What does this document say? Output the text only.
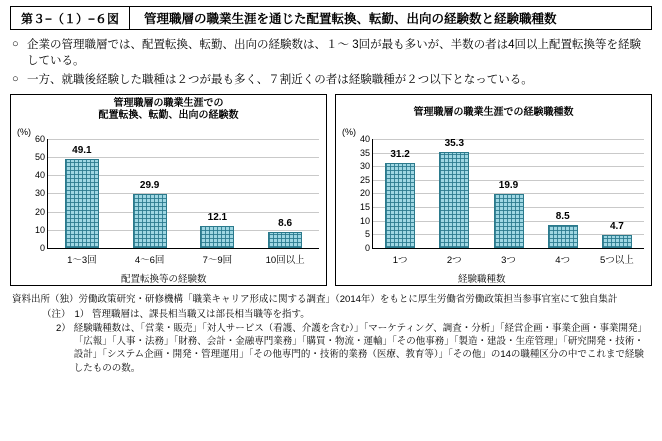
第３−（１）−６図	管理職層の職業生涯を通じた配置転換、転勤、出向の経験数と経験職種数
○ 企業の管理職層では、配置転換、転勤、出向の経験数は、１～ 3回が最も多いが、半数の者は4回以上配置転換等を経験している。
○ 一方、就職後経験した職種は２つが最も多く、７割近くの者は経験職種が２つ以下となっている。
管理職層の職業生涯での
配置転換、転勤、出向の経験数
(%)
0
10
20
30
40
50
60
49.1
1～3回
29.9
4～6回
12.1
7～9回
8.6
10回以上
配置転換等の経験数
管理職層の職業生涯での経験職種数
(%)
0
5
10
15
20
25
30
35
40
31.2
1つ
35.3
2つ
19.9
3つ
8.5
4つ
4.7
5つ以上
経験職種数
資料出所 （独）労働政策研究・研修機構「職業キャリア形成に関する調査」（2014年）をもとに厚生労働省労働政策担当参事官室にて独自集計
（注） 1） 管理職層は、課長相当職又は部長相当職等を指す。
2） 経験職種数は、「営業・販売」「対人サービス（看護、介護を含む）」「マーケティング、調査・分析」「経営企画・事業企画・事業開発」「広報」「人事・法務」「財務、会計・金融専門業務」「購買・物流・運輸」「その他事務」「製造・建設・生産管理」「研究開発・技術・設計」「システム企画・開発・管理運用」「その他専門的・技術的業務（医療、教育等）」「その他」の14の職種区分の中でこれまで経験したものの数。
